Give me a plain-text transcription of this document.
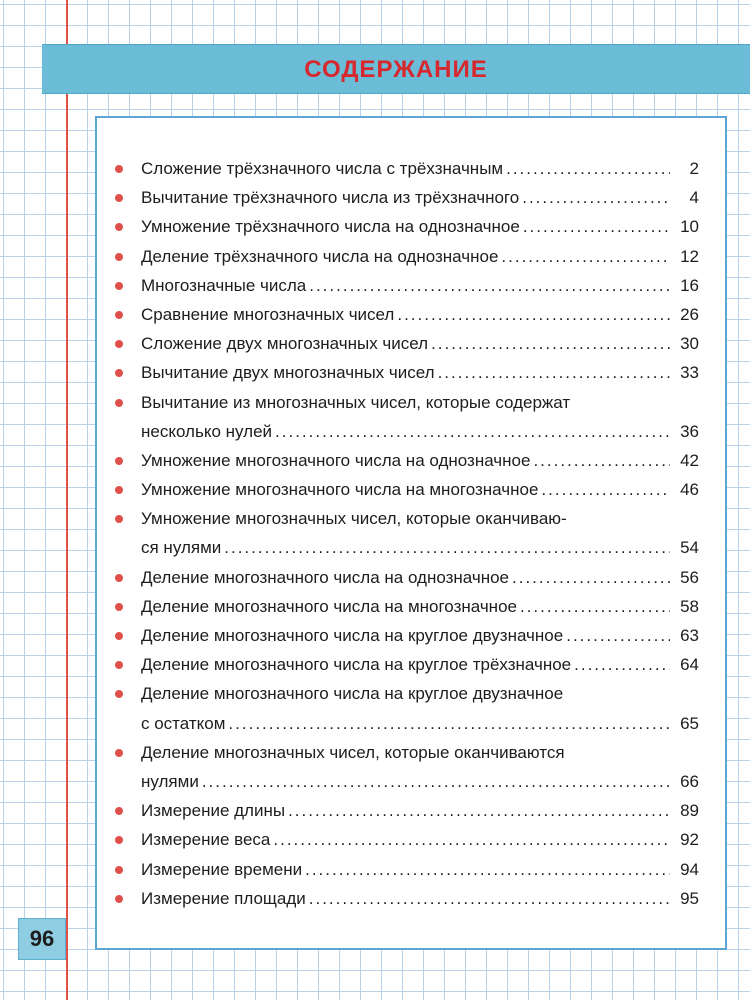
СОДЕРЖАНИЕ
Сложение трёхзначного числа с трёхзначным .....	2
Вычитание трёхзначного числа из трёхзначного .....	4
Умножение трёхзначного числа на однозначное .....	10
Деление трёхзначного числа на однозначное .....	12
Многозначные числа .....	16
Сравнение многозначных чисел .....	26
Сложение двух многозначных чисел .....	30
Вычитание двух многозначных чисел .....	33
Вычитание из многозначных чисел, которые содержат
несколько нулей .....	36
Умножение многозначного числа на однозначное .....	42
Умножение многозначного числа на многозначное .....	46
Умножение многозначных чисел, которые оканчиваю-
ся нулями .....	54
Деление многозначного числа на однозначное .....	56
Деление многозначного числа на многозначное .....	58
Деление многозначного числа на круглое двузначное .....	63
Деление многозначного числа на круглое трёхзначное .....	64
Деление многозначного числа на круглое двузначное
с остатком .....	65
Деление многозначных чисел, которые оканчиваются
нулями .....	66
Измерение длины .....	89
Измерение веса .....	92
Измерение времени .....	94
Измерение площади .....	95
96
